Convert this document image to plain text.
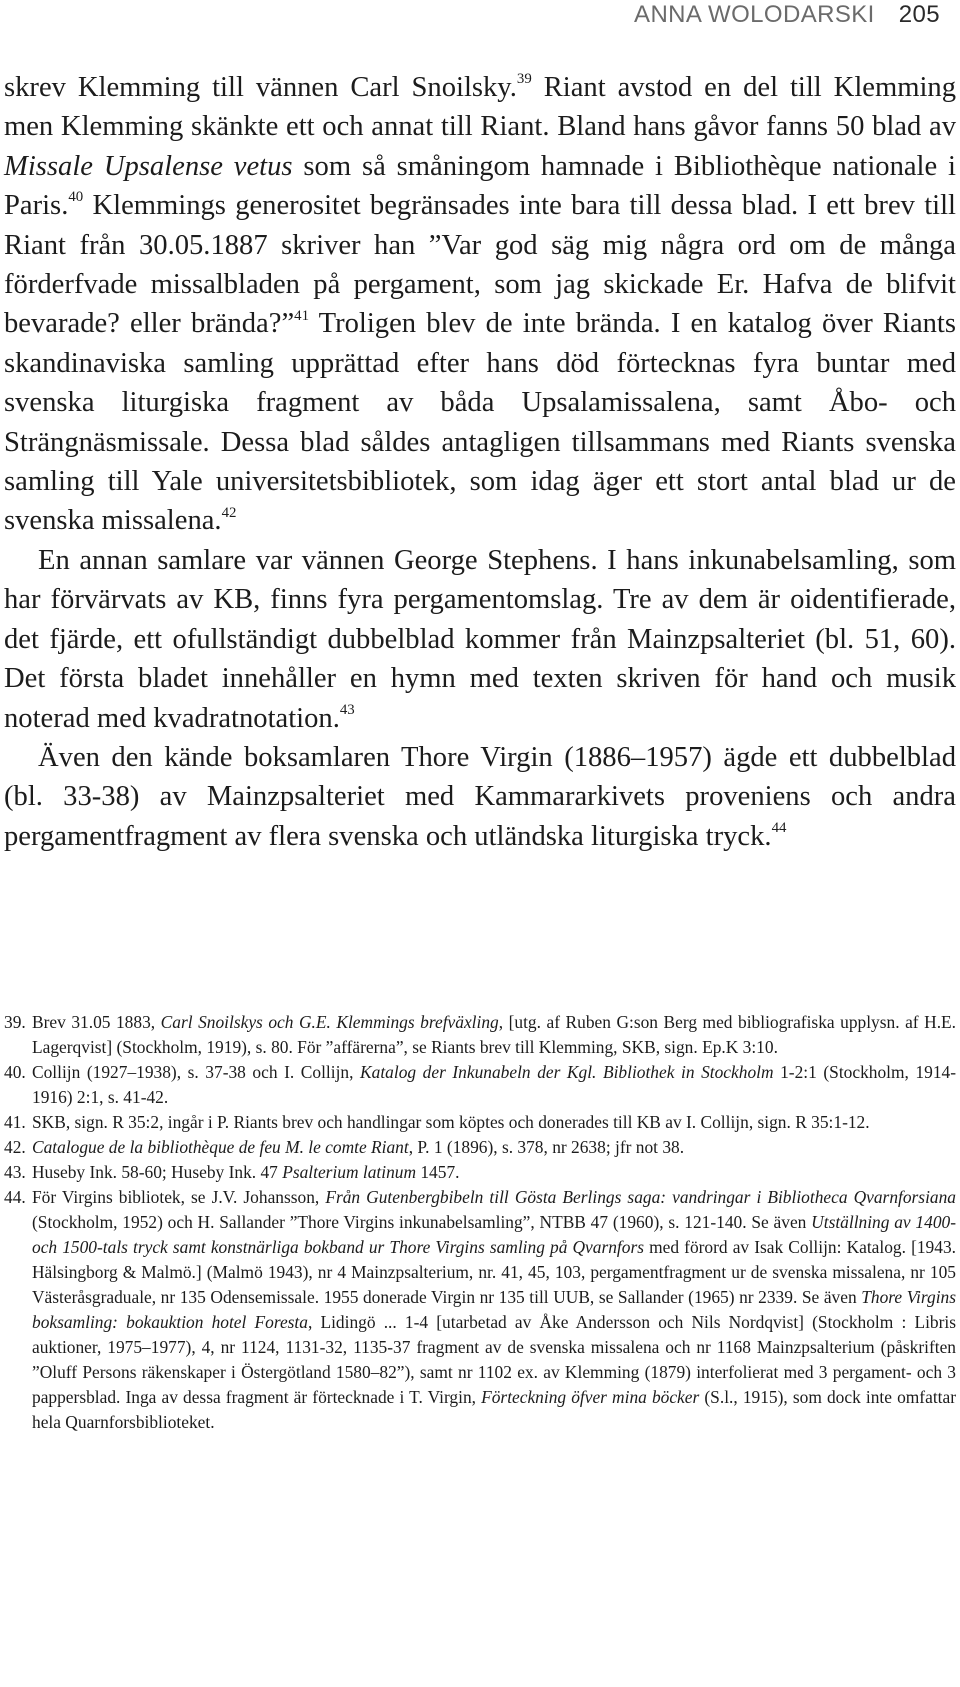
ANNA WOLODARSKI 205

skrev Klemming till vännen Carl Snoilsky.$^{39}$ Riant avstod en del till Klemming men Klemming skänkte ett och annat till Riant. Bland hans gåvor fanns 50 blad av Missale Upsalense vetus som så småningom hamnade i Bibliothèque nationale i Paris.$^{40}$ Klemmings generositet begränsades inte bara till dessa blad. I ett brev till Riant från 30.05.1887 skriver han ”Var god säg mig några ord om de många förderfvade missalbladen på pergament, som jag skickade Er. Hafva de blifvit bevarade? eller brända?”$^{41}$ Troligen blev de inte brända. I en katalog över Riants skandinaviska samling upprättad efter hans död förtecknas fyra buntar med svenska liturgiska fragment av båda Upsalamissalena, samt Åbo- och Strängnäsmissale. Dessa blad såldes antagligen tillsammans med Riants svenska samling till Yale universitetsbibliotek, som idag äger ett stort antal blad ur de svenska missalena.$^{42}$

En annan samlare var vännen George Stephens. I hans inkunabelsamling, som har förvärvats av KB, finns fyra pergamentomslag. Tre av dem är oidentifierade, det fjärde, ett ofullständigt dubbelblad kommer från Mainzpsalteriet (bl. 51, 60). Det första bladet innehåller en hymn med texten skriven för hand och musik noterad med kvadratnotation.$^{43}$

Även den kände boksamlaren Thore Virgin (1886–1957) ägde ett dubbelblad (bl. 33-38) av Mainzpsalteriet med Kammararkivets proveniens och andra pergamentfragment av flera svenska och utländska liturgiska tryck.$^{44}$

39. Brev 31.05 1883, Carl Snoilskys och G.E. Klemmings brefväxling, [utg. af Ruben G:son Berg med bibliografiska upplysn. af H.E. Lagerqvist] (Stockholm, 1919), s. 80. För ”affärerna”, se Riants brev till Klemming, SKB, sign. Ep.K 3:10.

40. Collijn (1927–1938), s. 37-38 och I. Collijn, Katalog der Inkunabeln der Kgl. Bibliothek in Stockholm 1-2:1 (Stockholm, 1914-1916) 2:1, s. 41-42.

41. SKB, sign. R 35:2, ingår i P. Riants brev och handlingar som köptes och donerades till KB av I. Collijn, sign. R 35:1-12.

42. Catalogue de la bibliothèque de feu M. le comte Riant, P. 1 (1896), s. 378, nr 2638; jfr not 38.

43. Huseby Ink. 58-60; Huseby Ink. 47 Psalterium latinum 1457.

44. För Virgins bibliotek, se J.V. Johansson, Från Gutenbergbibeln till Gösta Berlings saga: vandringar i Bibliotheca Qvarnforsiana (Stockholm, 1952) och H. Sallander ”Thore Virgins inkunabelsamling”, NTBB 47 (1960), s. 121-140. Se även Utställning av 1400- och 1500-tals tryck samt konstnärliga bokband ur Thore Virgins samling på Qvarnfors med förord av Isak Collijn: Katalog. [1943. Hälsingborg & Malmö.] (Malmö 1943), nr 4 Mainzpsalterium, nr. 41, 45, 103, pergamentfragment ur de svenska missalena, nr 105 Västeråsgraduale, nr 135 Odensemissale. 1955 donerade Virgin nr 135 till UUB, se Sallander (1965) nr 2339. Se även Thore Virgins boksamling: bokauktion hotel Foresta, Lidingö ... 1-4 [utarbetad av Åke Andersson och Nils Nordqvist] (Stockholm : Libris auktioner, 1975–1977), 4, nr 1124, 1131-32, 1135-37 fragment av de svenska missalena och nr 1168 Mainzpsalterium (påskriften ”Oluff Persons räkenskaper i Östergötland 1580–82”), samt nr 1102 ex. av Klemming (1879) interfolierat med 3 pergament- och 3 pappersblad. Inga av dessa fragment är förtecknade i T. Virgin, Förteckning öfver mina böcker (S.l., 1915), som dock inte omfattar hela Quarnforsbiblioteket.
